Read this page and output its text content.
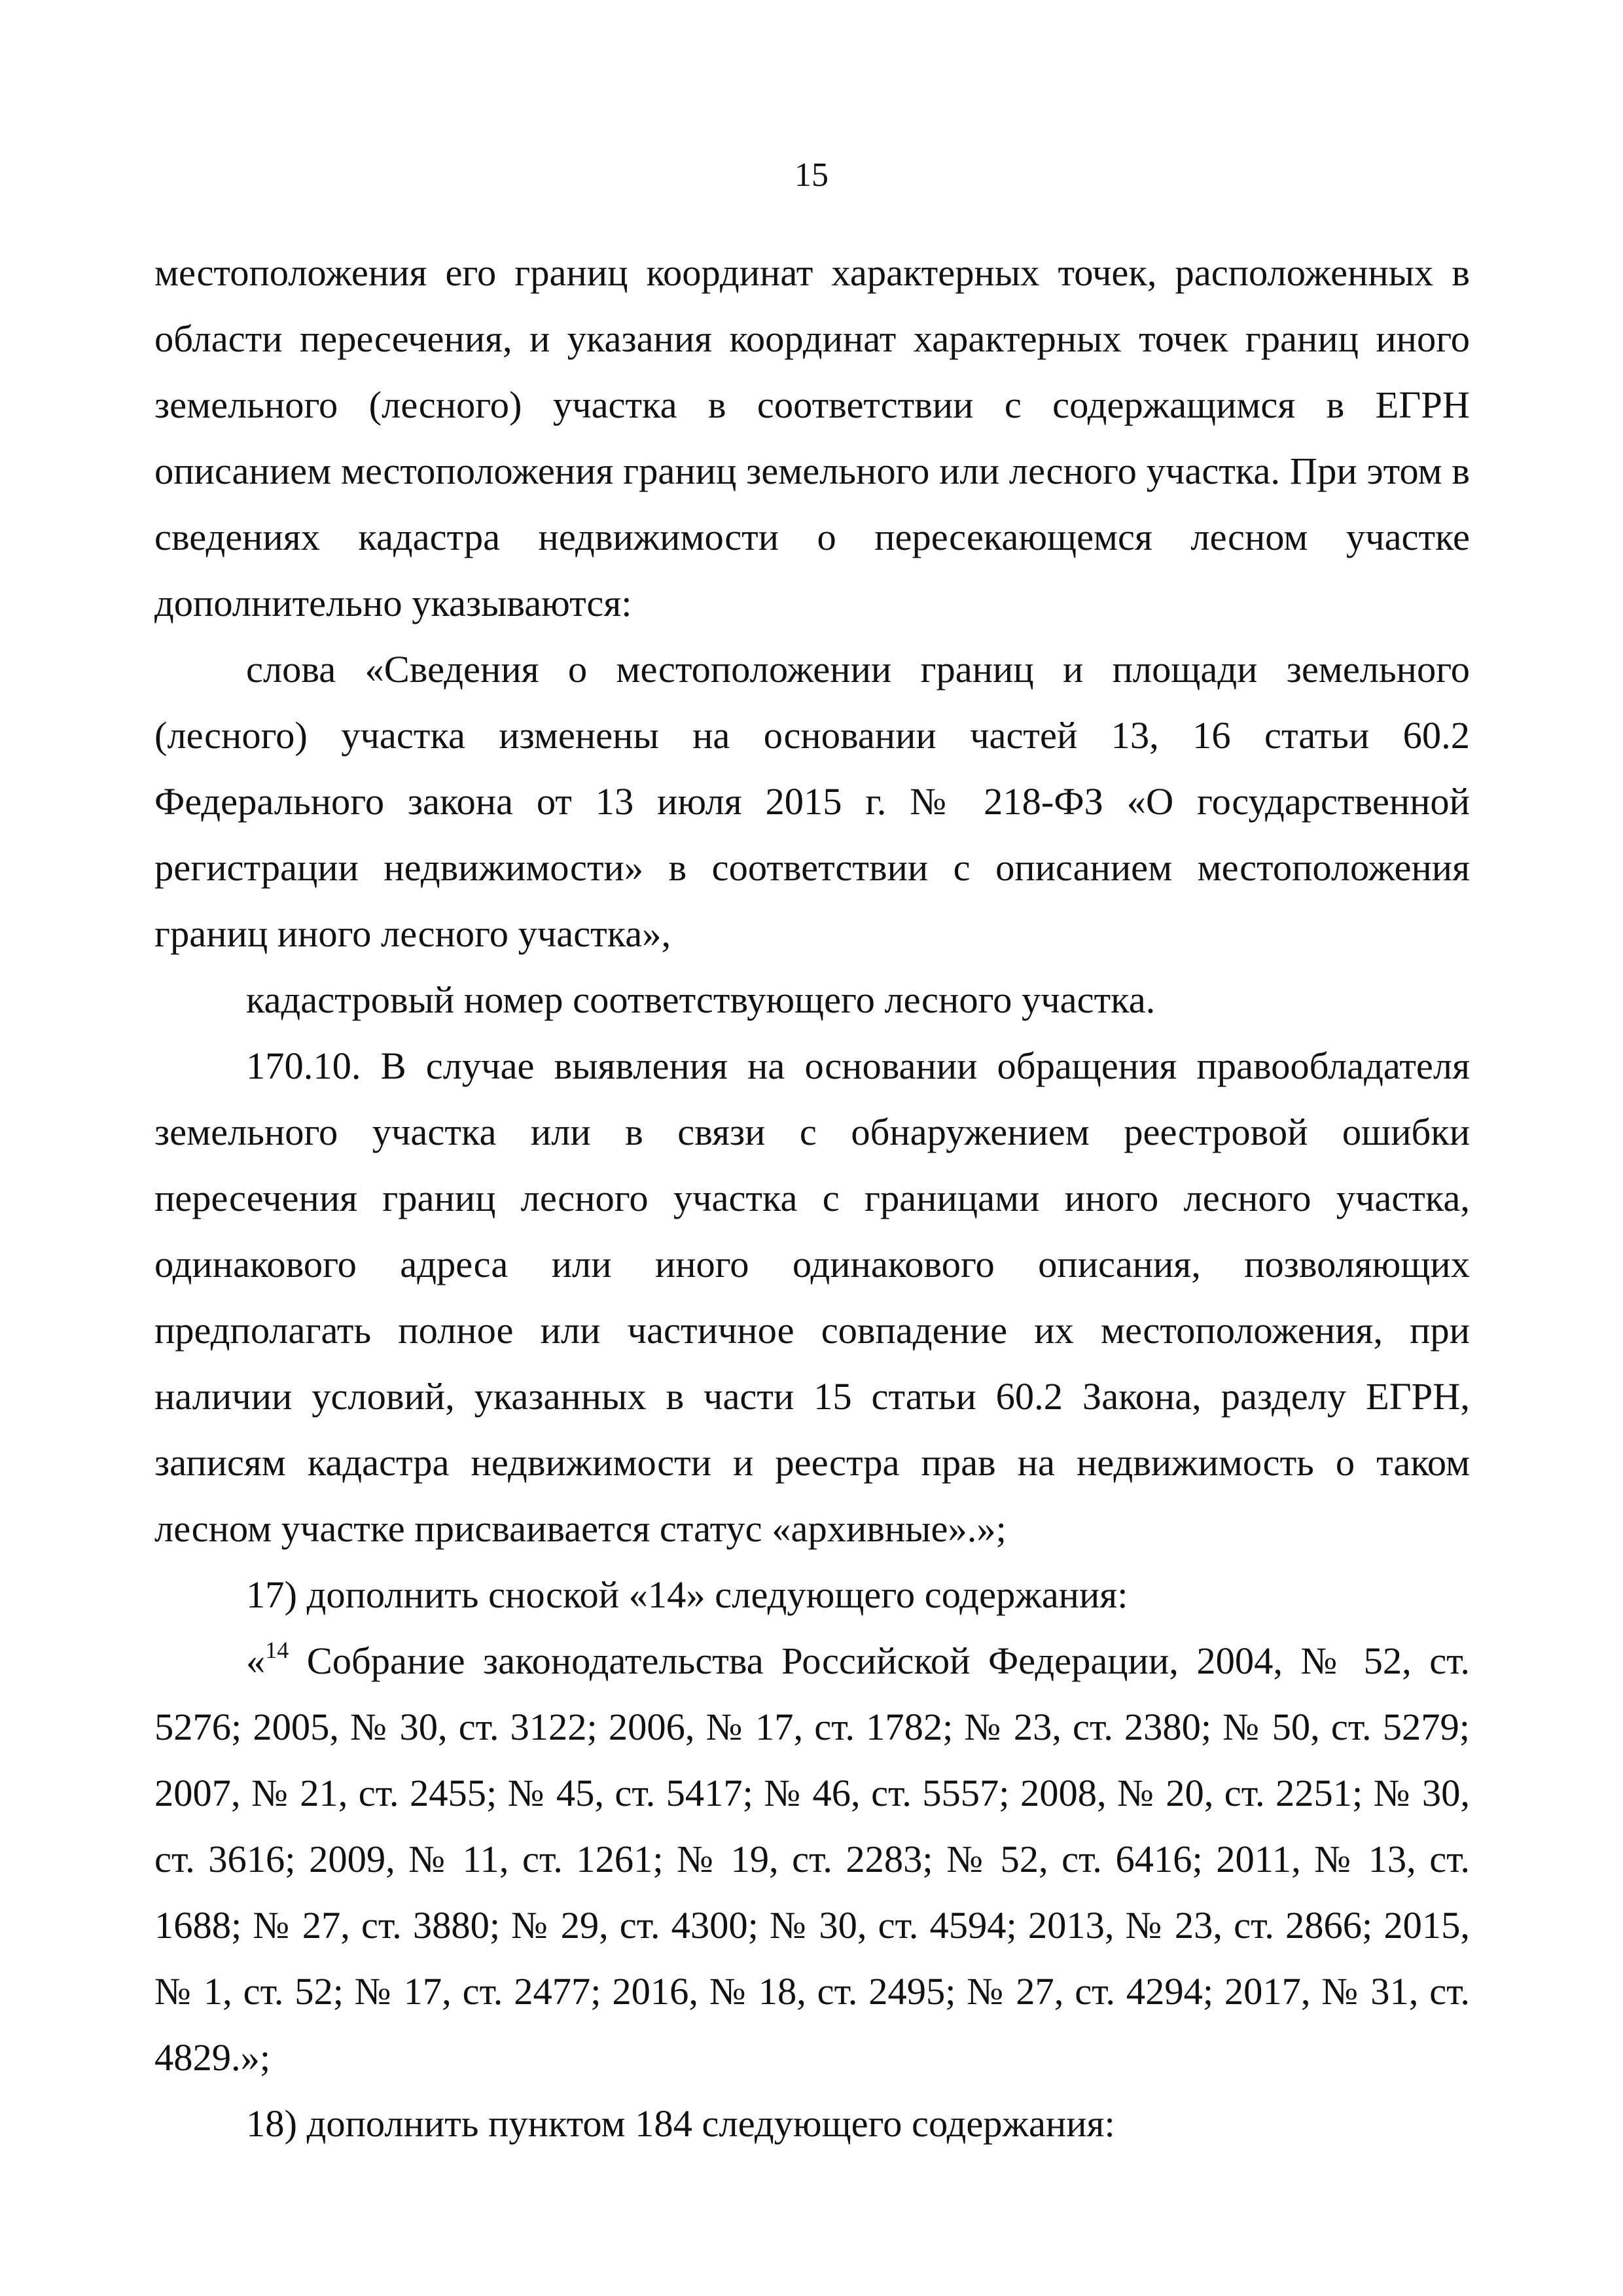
15

местоположения его границ координат характерных точек, расположенных в области пересечения, и указания координат характерных точек границ иного земельного (лесного) участка в соответствии с содержащимся в ЕГРН описанием местоположения границ земельного или лесного участка. При этом в сведениях кадастра недвижимости о пересекающемся лесном участке дополнительно указываются:

слова «Сведения о местоположении границ и площади земельного (лесного) участка изменены на основании частей 13, 16 статьи 60.2 Федерального закона от 13 июля 2015 г. № 218-ФЗ «О государственной регистрации недвижимости» в соответствии с описанием местоположения границ иного лесного участка»,

кадастровый номер соответствующего лесного участка.

170.10. В случае выявления на основании обращения правообладателя земельного участка или в связи с обнаружением реестровой ошибки пересечения границ лесного участка с границами иного лесного участка, одинакового адреса или иного одинакового описания, позволяющих предполагать полное или частичное совпадение их местоположения, при наличии условий, указанных в части 15 статьи 60.2 Закона, разделу ЕГРН, записям кадастра недвижимости и реестра прав на недвижимость о таком лесном участке присваивается статус «архивные».»;

17) дополнить сноской «14» следующего содержания:

«$^{14}$ Собрание законодательства Российской Федерации, 2004, № 52, ст. 5276; 2005, № 30, ст. 3122; 2006, № 17, ст. 1782; № 23, ст. 2380; № 50, ст. 5279; 2007, № 21, ст. 2455; № 45, ст. 5417; № 46, ст. 5557; 2008, № 20, ст. 2251; № 30, ст. 3616; 2009, № 11, ст. 1261; № 19, ст. 2283; № 52, ст. 6416; 2011, № 13, ст. 1688; № 27, ст. 3880; № 29, ст. 4300; № 30, ст. 4594; 2013, № 23, ст. 2866; 2015, № 1, ст. 52; № 17, ст. 2477; 2016, № 18, ст. 2495; № 27, ст. 4294; 2017, № 31, ст. 4829.»;

18) дополнить пунктом 184 следующего содержания:
